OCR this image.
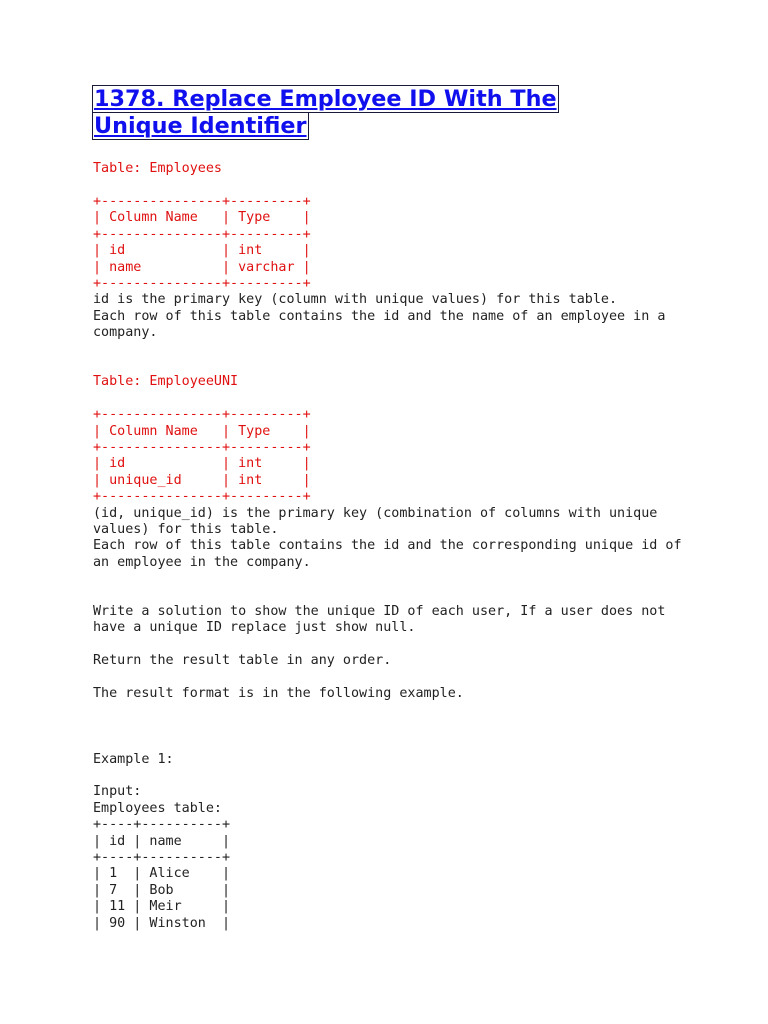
1378. Replace Employee ID With The
Unique Identifier
Table: Employees
+---------------+---------+
| Column Name   | Type    |
+---------------+---------+
| id            | int     |
| name          | varchar |
+---------------+---------+
id is the primary key (column with unique values) for this table.
Each row of this table contains the id and the name of an employee in a
company.
Table: EmployeeUNI
+---------------+---------+
| Column Name   | Type    |
+---------------+---------+
| id            | int     |
| unique_id     | int     |
+---------------+---------+
(id, unique_id) is the primary key (combination of columns with unique
values) for this table.
Each row of this table contains the id and the corresponding unique id of
an employee in the company.
Write a solution to show the unique ID of each user, If a user does not
have a unique ID replace just show null.
Return the result table in any order.
The result format is in the following example.
Example 1:
Input:
Employees table:
+----+----------+
| id | name     |
+----+----------+
| 1  | Alice    |
| 7  | Bob      |
| 11 | Meir     |
| 90 | Winston  |
